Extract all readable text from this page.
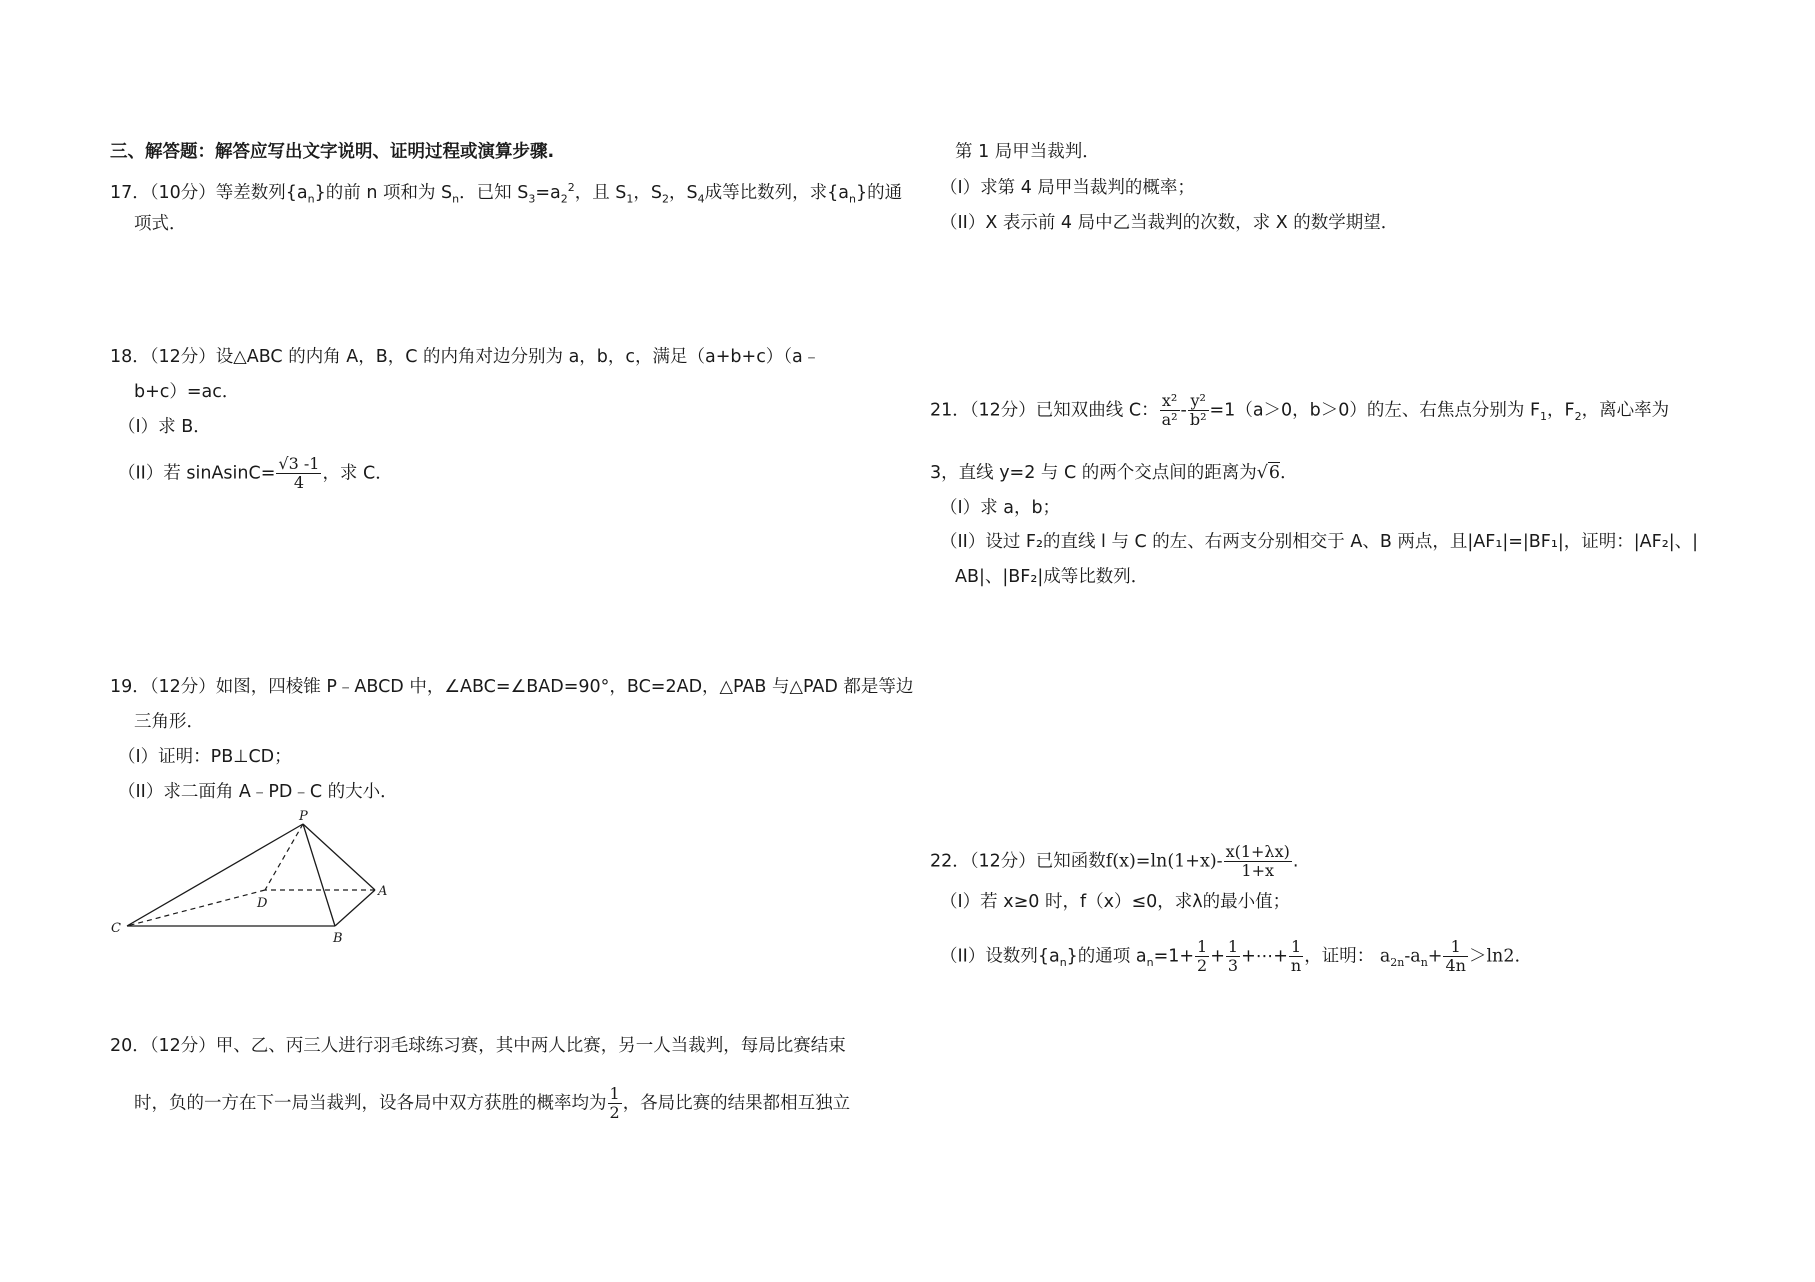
三、解答题：解答应写出文字说明、证明过程或演算步骤.
17．（10分）等差数列$\{a_n\}$的前 n 项和为 $S_n$．已知 $S_3=a_2^2$，且 $S_1$，$S_2$，$S_4$成等比数列，求$\{a_n\}$的通
项式．
18．（12分）设△ABC 的内角 A，B，C 的内角对边分别为 a，b，c，满足（a+b+c）（a﹣
b+c）=ac．
（I）求 B．
（II）若 sinAsinC= $\frac{√3 -1}{4}$ ，求 C．
19．（12分）如图，四棱锥 P﹣ABCD 中，∠ABC=∠BAD=90°，BC=2AD，△PAB 与△PAD 都是等边
三角形．
（I）证明：PB⊥CD；
（II）求二面角 A﹣PD﹣C 的大小．
P
D
A
C
B
20．（12分）甲、乙、丙三人进行羽毛球练习赛，其中两人比赛，另一人当裁判，每局比赛结束
时，负的一方在下一局当裁判，设各局中双方获胜的概率均为 $\frac{1}{2}$ ，各局比赛的结果都相互独立
第 1 局甲当裁判．
（I）求第 4 局甲当裁判的概率；
（II）X 表示前 4 局中乙当裁判的次数，求 X 的数学期望．
21．（12分）已知双曲线 C： $\frac{\text{x²}}{\text{a²}} - \frac{\text{y²}}{\text{b²}} =1(a>0$，b＞0）的左、右焦点分别为 $F_1$，$F_2$，离心率为
3，直线 y=2 与 C 的两个交点间的距离为√6．
（I）求 a，b；
（II）设过 F₂的直线 l 与 C 的左、右两支分别相交于 A、B 两点，且|AF₁|=|BF₁|，证明：|AF₂|、|
AB|、|BF₂|成等比数列．
22．（12分）已知函数$f(x)=\ln(1+x)- \frac{x(1+\lambda x)}{1+x}$ .
（I）若 x≥0 时，f（x）≤0，求λ的最小值；
（II）设数列$\{a_n\}$的通项 $a_n=1+ \frac{1}{2} + \frac{1}{3}$ +⋯+ $\frac{1}{n}$ ，证明： $a_{2n}-a_n+ \frac{1}{4n} >\ln 2$.
